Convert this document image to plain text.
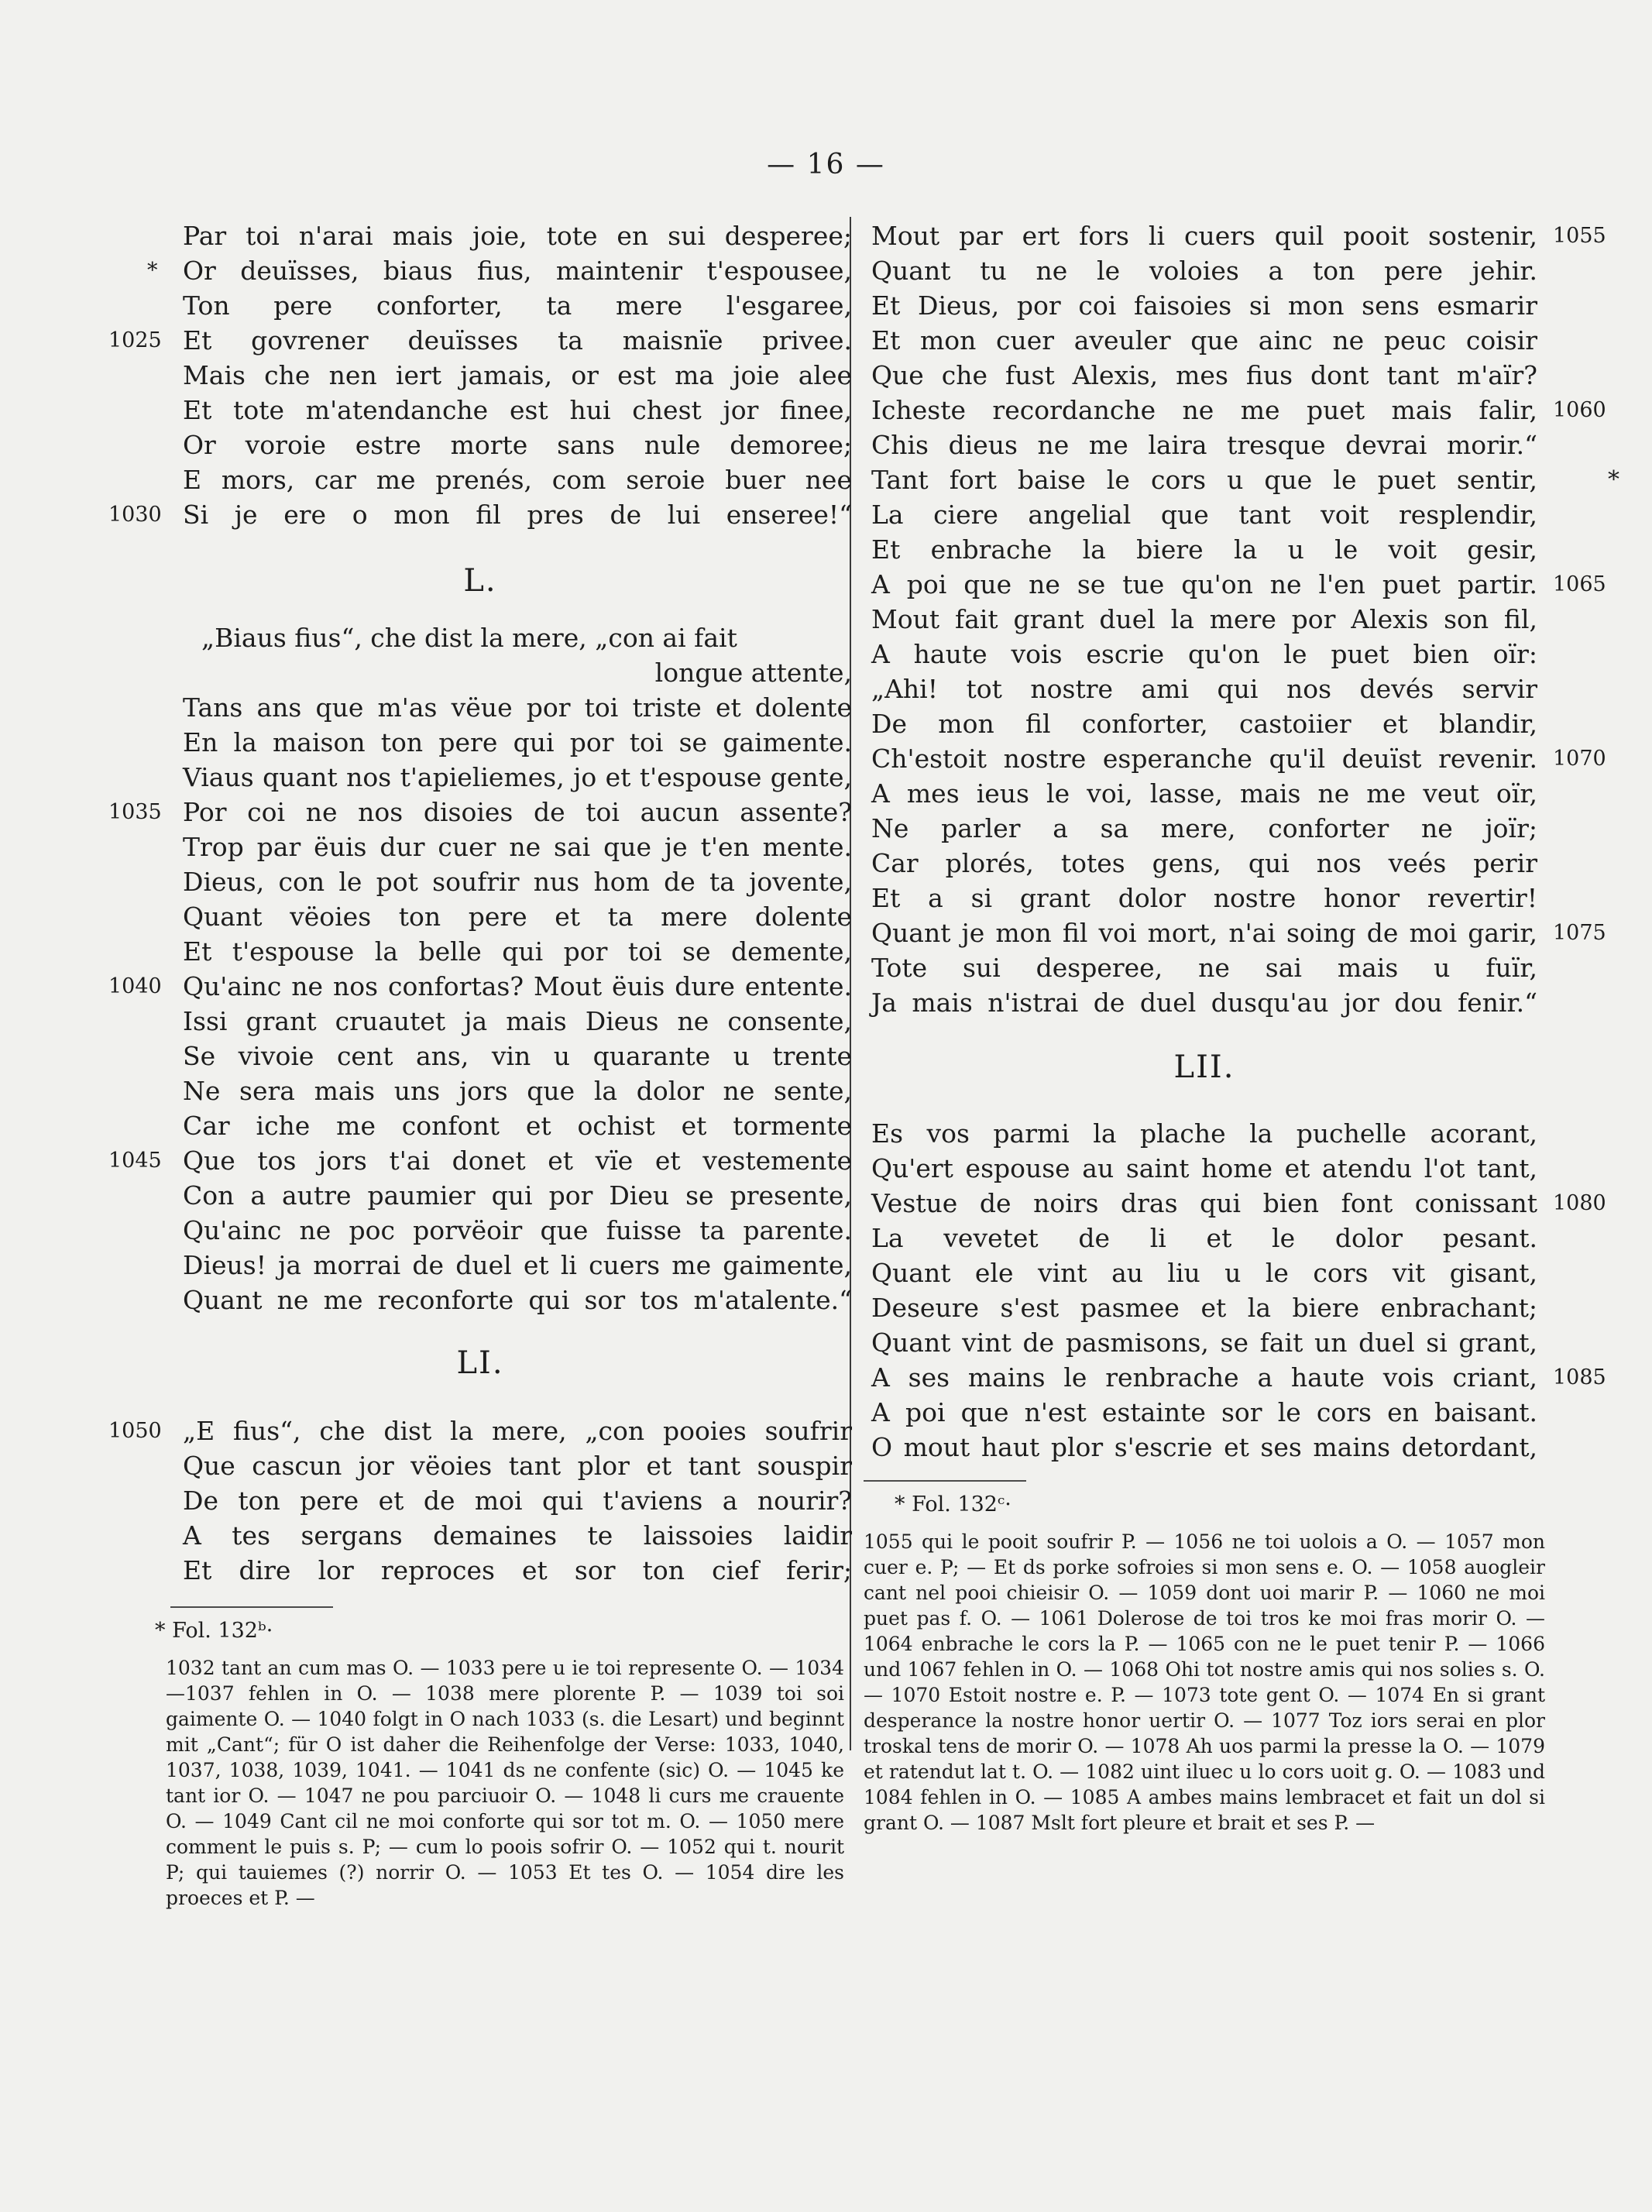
— 16 —
Par toi n'arai mais joie, tote en sui desperee;
* Or deuïsses, biaus fius, maintenir t'espousee,
Ton pere conforter, ta mere l'esgaree,
1025 Et govrener deuïsses ta maisnïe privee.
Mais che nen iert jamais, or est ma joie alee
Et tote m'atendanche est hui chest jor finee,
Or voroie estre morte sans nule demoree;
E mors, car me prenés, com seroie buer nee
1030 Si je ere o mon fil pres de lui enseree!“
L.
„Biaus fius“, che dist la mere, „con ai fait
longue attente,
Tans ans que m'as vëue por toi triste et dolente
En la maison ton pere qui por toi se gaimente.
Viaus quant nos t'apieliemes, jo et t'espouse gente,
1035 Por coi ne nos disoies de toi aucun assente?
Trop par ëuis dur cuer ne sai que je t'en mente.
Dieus, con le pot soufrir nus hom de ta jovente,
Quant vëoies ton pere et ta mere dolente
Et t'espouse la belle qui por toi se demente,
1040 Qu'ainc ne nos confortas? Mout ëuis dure entente.
Issi grant cruautet ja mais Dieus ne consente,
Se vivoie cent ans, vin u quarante u trente
Ne sera mais uns jors que la dolor ne sente,
Car iche me confont et ochist et tormente
1045 Que tos jors t'ai donet et vïe et vestemente
Con a autre paumier qui por Dieu se presente,
Qu'ainc ne poc porvëoir que fuisse ta parente.
Dieus! ja morrai de duel et li cuers me gaimente,
Quant ne me reconforte qui sor tos m'atalente.“
LI.
1050 „E fius“, che dist la mere, „con pooies soufrir
Que cascun jor vëoies tant plor et tant souspir
De ton pere et de moi qui t'aviens a nourir?
A tes sergans demaines te laissoies laidir
Et dire lor reproces et sor ton cief ferir;
* Fol. 132ᵇ·
1032 tant an cum mas O. — 1033 pere u ie toi represente O. — 1034—1037 fehlen in O. — 1038 mere plorente P. — 1039 toi soi gaimente O. — 1040 folgt in O nach 1033 (s. die Lesart) und beginnt mit „Cant“; für O ist daher die Reihenfolge der Verse: 1033, 1040, 1037, 1038, 1039, 1041. — 1041 ds ne confente (sic) O. — 1045 ke tant ior O. — 1047 ne pou parciuoir O. — 1048 li curs me crauente O. — 1049 Cant cil ne moi conforte qui sor tot m. O. — 1050 mere comment le puis s. P; — cum lo poois sofrir O. — 1052 qui t. nourit P; qui tauiemes (?) norrir O. — 1053 Et tes O. — 1054 dire les proeces et P. —
1055
Mout par ert fors li cuers quil pooit sostenir,
Quant tu ne le voloies a ton pere jehir.
Et Dieus, por coi faisoies si mon sens esmarir
Et mon cuer aveuler que ainc ne peuc coisir
Que che fust Alexis, mes fius dont tant m'aïr?
1060
Icheste recordanche ne me puet mais falir,
Chis dieus ne me laira tresque devrai morir.“
*
Tant fort baise le cors u que le puet sentir,
La ciere angelial que tant voit resplendir,
Et enbrache la biere la u le voit gesir,
1065
A poi que ne se tue qu'on ne l'en puet partir.
Mout fait grant duel la mere por Alexis son fil,
A haute vois escrie qu'on le puet bien oïr:
„Ahi! tot nostre ami qui nos devés servir
De mon fil conforter, castoiier et blandir,
1070
Ch'estoit nostre esperanche qu'il deuïst revenir.
A mes ieus le voi, lasse, mais ne me veut oïr,
Ne parler a sa mere, conforter ne joïr;
Car plorés, totes gens, qui nos veés perir
Et a si grant dolor nostre honor revertir!
1075
Quant je mon fil voi mort, n'ai soing de moi garir,
Tote sui desperee, ne sai mais u fuïr,
Ja mais n'istrai de duel dusqu'au jor dou fenir.“
LII.
Es vos parmi la plache la puchelle acorant,
Qu'ert espouse au saint home et atendu l'ot tant,
1080
Vestue de noirs dras qui bien font conissant
La vevetet de li et le dolor pesant.
Quant ele vint au liu u le cors vit gisant,
Deseure s'est pasmee et la biere enbrachant;
Quant vint de pasmisons, se fait un duel si grant,
1085
A ses mains le renbrache a haute vois criant,
A poi que n'est estainte sor le cors en baisant.
O mout haut plor s'escrie et ses mains detordant,
* Fol. 132ᶜ·
1055 qui le pooit soufrir P. — 1056 ne toi uolois a O. — 1057 mon cuer e. P; — Et ds porke sofroies si mon sens e. O. — 1058 auogleir cant nel pooi chieisir O. — 1059 dont uoi marir P. — 1060 ne moi puet pas f. O. — 1061 Dolerose de toi tros ke moi fras morir O. — 1064 enbrache le cors la P. — 1065 con ne le puet tenir P. — 1066 und 1067 fehlen in O. — 1068 Ohi tot nostre amis qui nos solies s. O. — 1070 Estoit nostre e. P. — 1073 tote gent O. — 1074 En si grant desperance la nostre honor uertir O. — 1077 Toz iors serai en plor troskal tens de morir O. — 1078 Ah uos parmi la presse la O. — 1079 et ratendut lat t. O. — 1082 uint iluec u lo cors uoit g. O. — 1083 und 1084 fehlen in O. — 1085 A ambes mains lembracet et fait un dol si grant O. — 1087 Mslt fort pleure et brait et ses P. —
